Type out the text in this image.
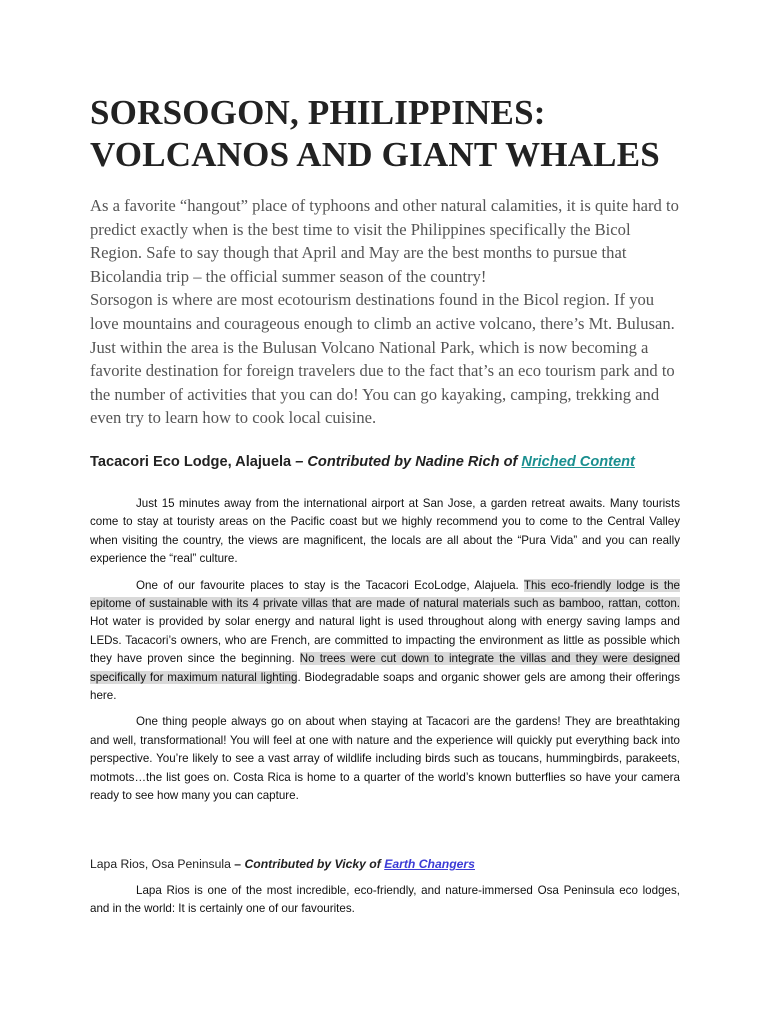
SORSOGON, PHILIPPINES:
VOLCANOS AND GIANT WHALES

As a favorite “hangout” place of typhoons and other natural calamities, it is quite hard to predict exactly when is the best time to visit the Philippines specifically the Bicol Region. Safe to say though that April and May are the best months to pursue that Bicolandia trip – the official summer season of the country!

Sorsogon is where are most ecotourism destinations found in the Bicol region. If you love mountains and courageous enough to climb an active volcano, there’s Mt. Bulusan. Just within the area is the Bulusan Volcano National Park, which is now becoming a favorite destination for foreign travelers due to the fact that’s an eco tourism park and to the number of activities that you can do! You can go kayaking, camping, trekking and even try to learn how to cook local cuisine.

Tacacori Eco Lodge, Alajuela – Contributed by Nadine Rich of Nriched Content

Just 15 minutes away from the international airport at San Jose, a garden retreat awaits. Many tourists come to stay at touristy areas on the Pacific coast but we highly recommend you to come to the Central Valley when visiting the country, the views are magnificent, the locals are all about the “Pura Vida” and you can really experience the “real” culture.

One of our favourite places to stay is the Tacacori EcoLodge, Alajuela. This eco-friendly lodge is the epitome of sustainable with its 4 private villas that are made of natural materials such as bamboo, rattan, cotton. Hot water is provided by solar energy and natural light is used throughout along with energy saving lamps and LEDs. Tacacori’s owners, who are French, are committed to impacting the environment as little as possible which they have proven since the beginning. No trees were cut down to integrate the villas and they were designed specifically for maximum natural lighting. Biodegradable soaps and organic shower gels are among their offerings here.

One thing people always go on about when staying at Tacacori are the gardens! They are breathtaking and well, transformational! You will feel at one with nature and the experience will quickly put everything back into perspective. You’re likely to see a vast array of wildlife including birds such as toucans, hummingbirds, parakeets, motmots…the list goes on. Costa Rica is home to a quarter of the world’s known butterflies so have your camera ready to see how many you can capture.

Lapa Rios, Osa Peninsula – Contributed by Vicky of Earth Changers

Lapa Rios is one of the most incredible, eco-friendly, and nature-immersed Osa Peninsula eco lodges, and in the world: It is certainly one of our favourites.
